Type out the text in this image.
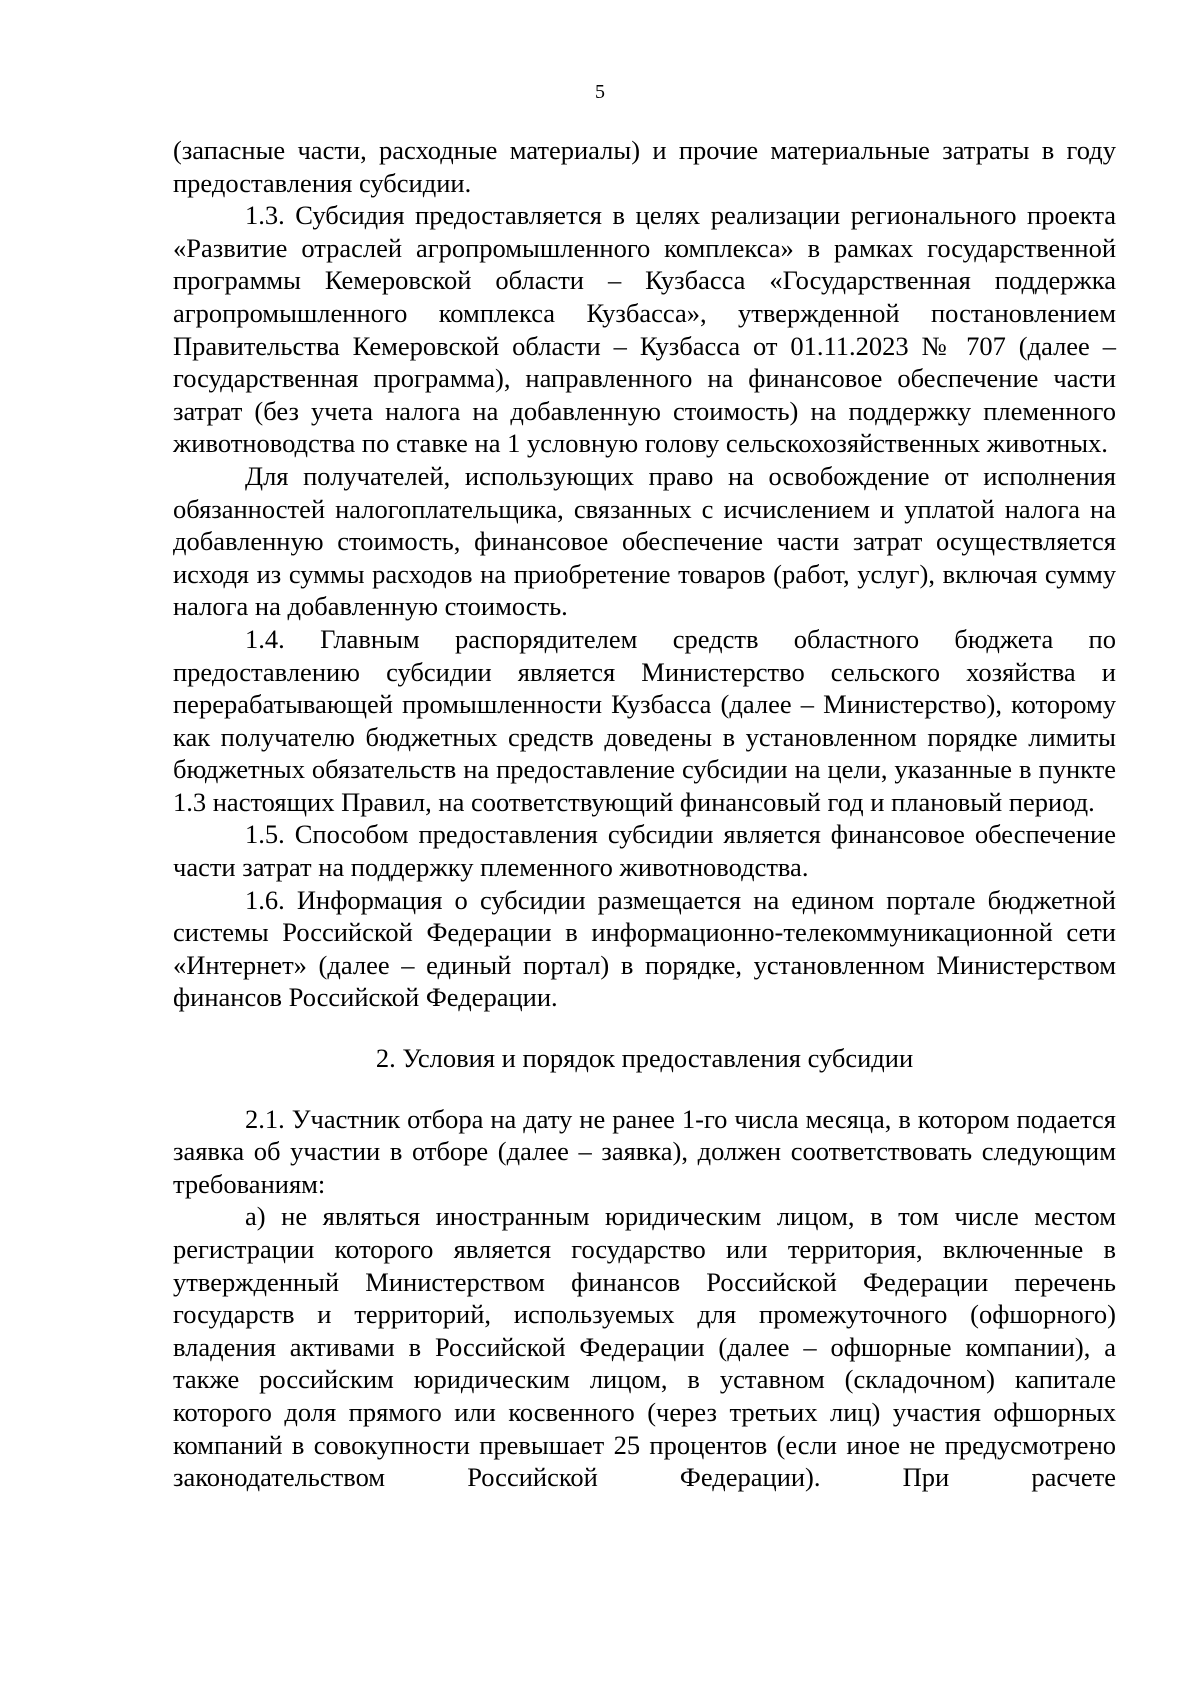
5

(запасные части, расходные материалы) и прочие материальные затраты в году предоставления субсидии.

1.3. Субсидия предоставляется в целях реализации регионального проекта «Развитие отраслей агропромышленного комплекса» в рамках государственной программы Кемеровской области – Кузбасса «Государственная поддержка агропромышленного комплекса Кузбасса», утвержденной постановлением Правительства Кемеровской области – Кузбасса от 01.11.2023 № 707 (далее – государственная программа), направленного на финансовое обеспечение части затрат (без учета налога на добавленную стоимость) на поддержку племенного животноводства по ставке на 1 условную голову сельскохозяйственных животных.

Для получателей, использующих право на освобождение от исполнения обязанностей налогоплательщика, связанных с исчислением и уплатой налога на добавленную стоимость, финансовое обеспечение части затрат осуществляется исходя из суммы расходов на приобретение товаров (работ, услуг), включая сумму налога на добавленную стоимость.

1.4. Главным распорядителем средств областного бюджета по предоставлению субсидии является Министерство сельского хозяйства и перерабатывающей промышленности Кузбасса (далее – Министерство), которому как получателю бюджетных средств доведены в установленном порядке лимиты бюджетных обязательств на предоставление субсидии на цели, указанные в пункте 1.3 настоящих Правил, на соответствующий финансовый год и плановый период.

1.5. Способом предоставления субсидии является финансовое обеспечение части затрат на поддержку племенного животноводства.

1.6. Информация о субсидии размещается на едином портале бюджетной системы Российской Федерации в информационно-телекоммуникационной сети «Интернет» (далее – единый портал) в порядке, установленном Министерством финансов Российской Федерации.

2. Условия и порядок предоставления субсидии

2.1. Участник отбора на дату не ранее 1-го числа месяца, в котором подается заявка об участии в отборе (далее – заявка), должен соответствовать следующим требованиям:

а) не являться иностранным юридическим лицом, в том числе местом регистрации которого является государство или территория, включенные в утвержденный Министерством финансов Российской Федерации перечень государств и территорий, используемых для промежуточного (офшорного) владения активами в Российской Федерации (далее – офшорные компании), а также российским юридическим лицом, в уставном (складочном) капитале которого доля прямого или косвенного (через третьих лиц) участия офшорных компаний в совокупности превышает 25 процентов (если иное не предусмотрено законодательством Российской Федерации). При расчете
